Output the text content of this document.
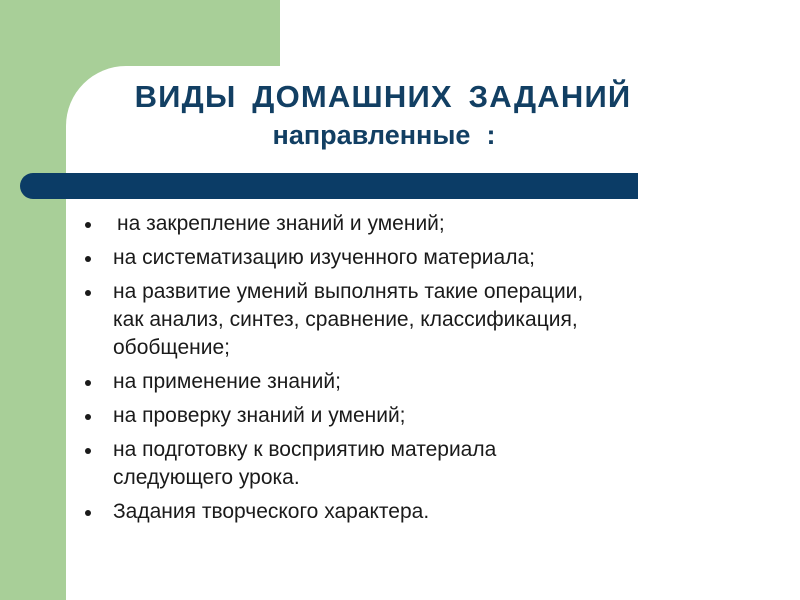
ВИДЫ ДОМАШНИХ ЗАДАНИЙ
направленные :
на закрепление знаний и умений;
на систематизацию изученного материала;
на развитие умений выполнять такие операции,
как анализ, синтез, сравнение, классификация,
обобщение;
на применение знаний;
на проверку знаний и умений;
на подготовку к восприятию материала
следующего урока.
Задания творческого характера.
